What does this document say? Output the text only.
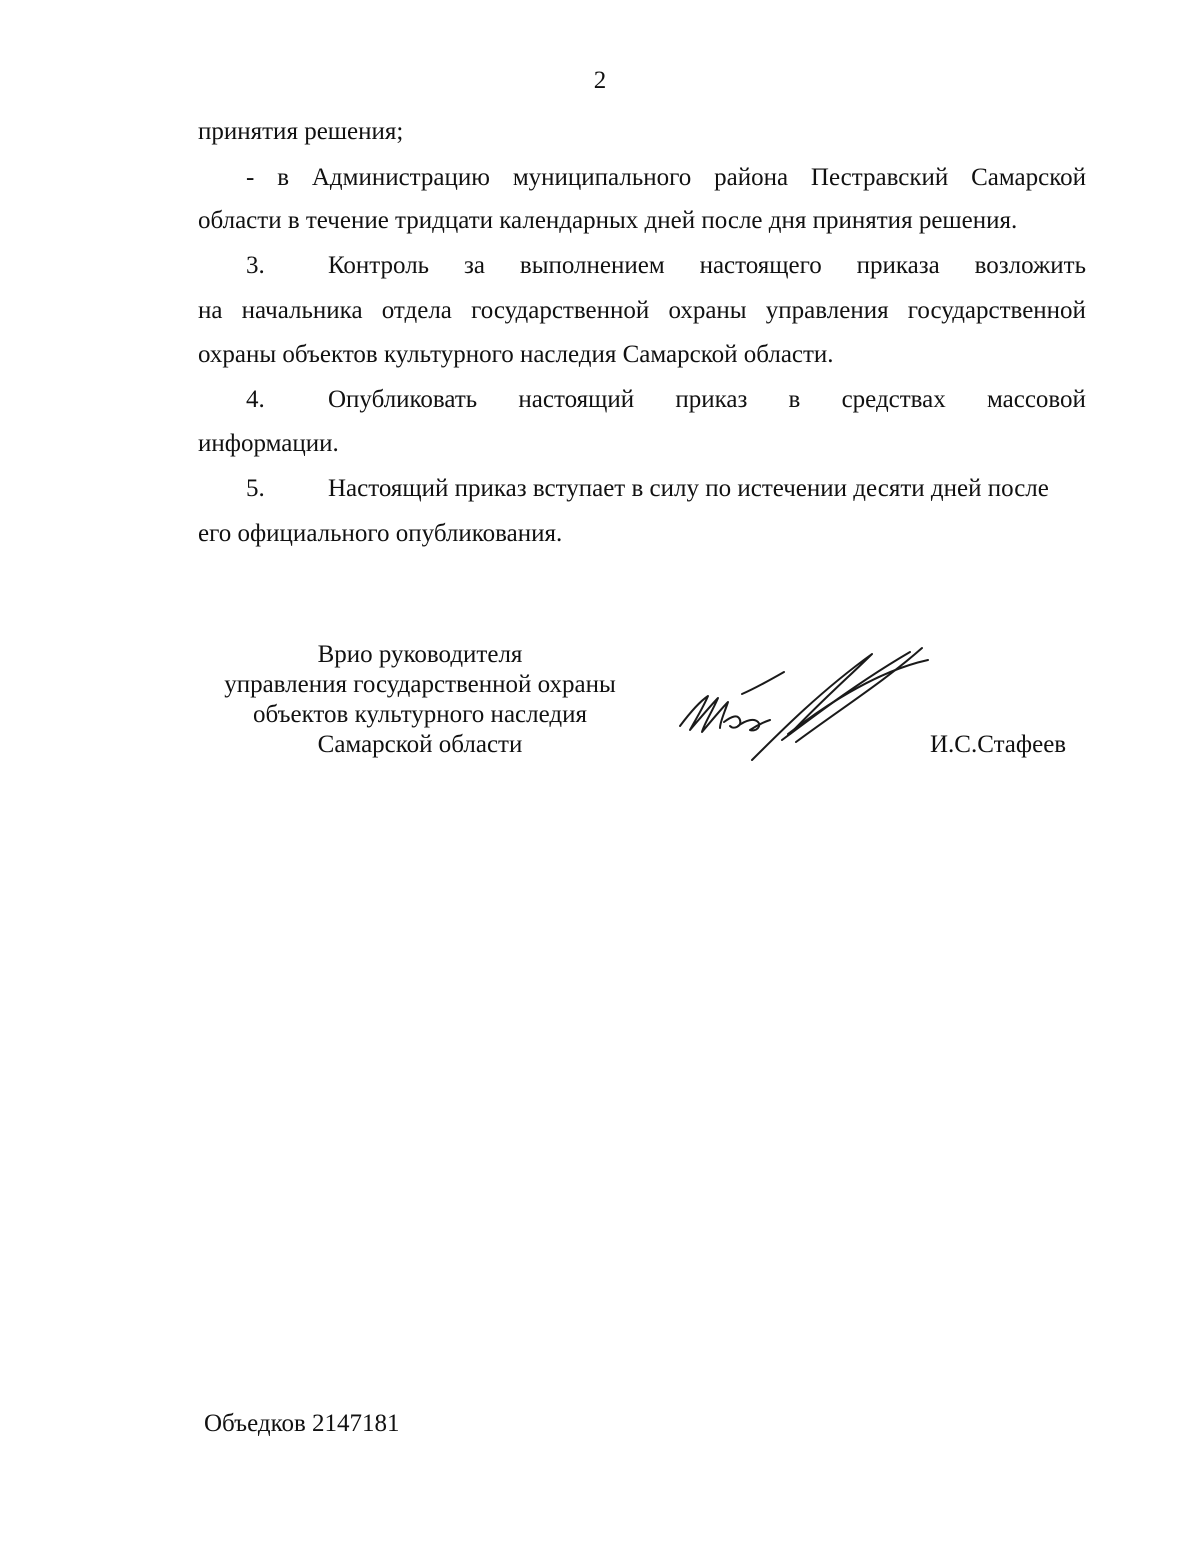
2
принятия решения;
- в Администрацию муниципального района Пестравский Самарской
области в течение тридцати календарных дней после дня принятия решения.
3.	Контроль за выполнением настоящего приказа возложить
на начальника отдела государственной охраны управления государственной
охраны объектов культурного наследия Самарской области.
4.	Опубликовать настоящий приказ в средствах массовой
информации.
5.	Настоящий приказ вступает в силу по истечении десяти дней после
его официального опубликования.
Врио руководителя
управления государственной охраны
объектов культурного наследия
Самарской области	И.С.Стафеев
Объедков 2147181
